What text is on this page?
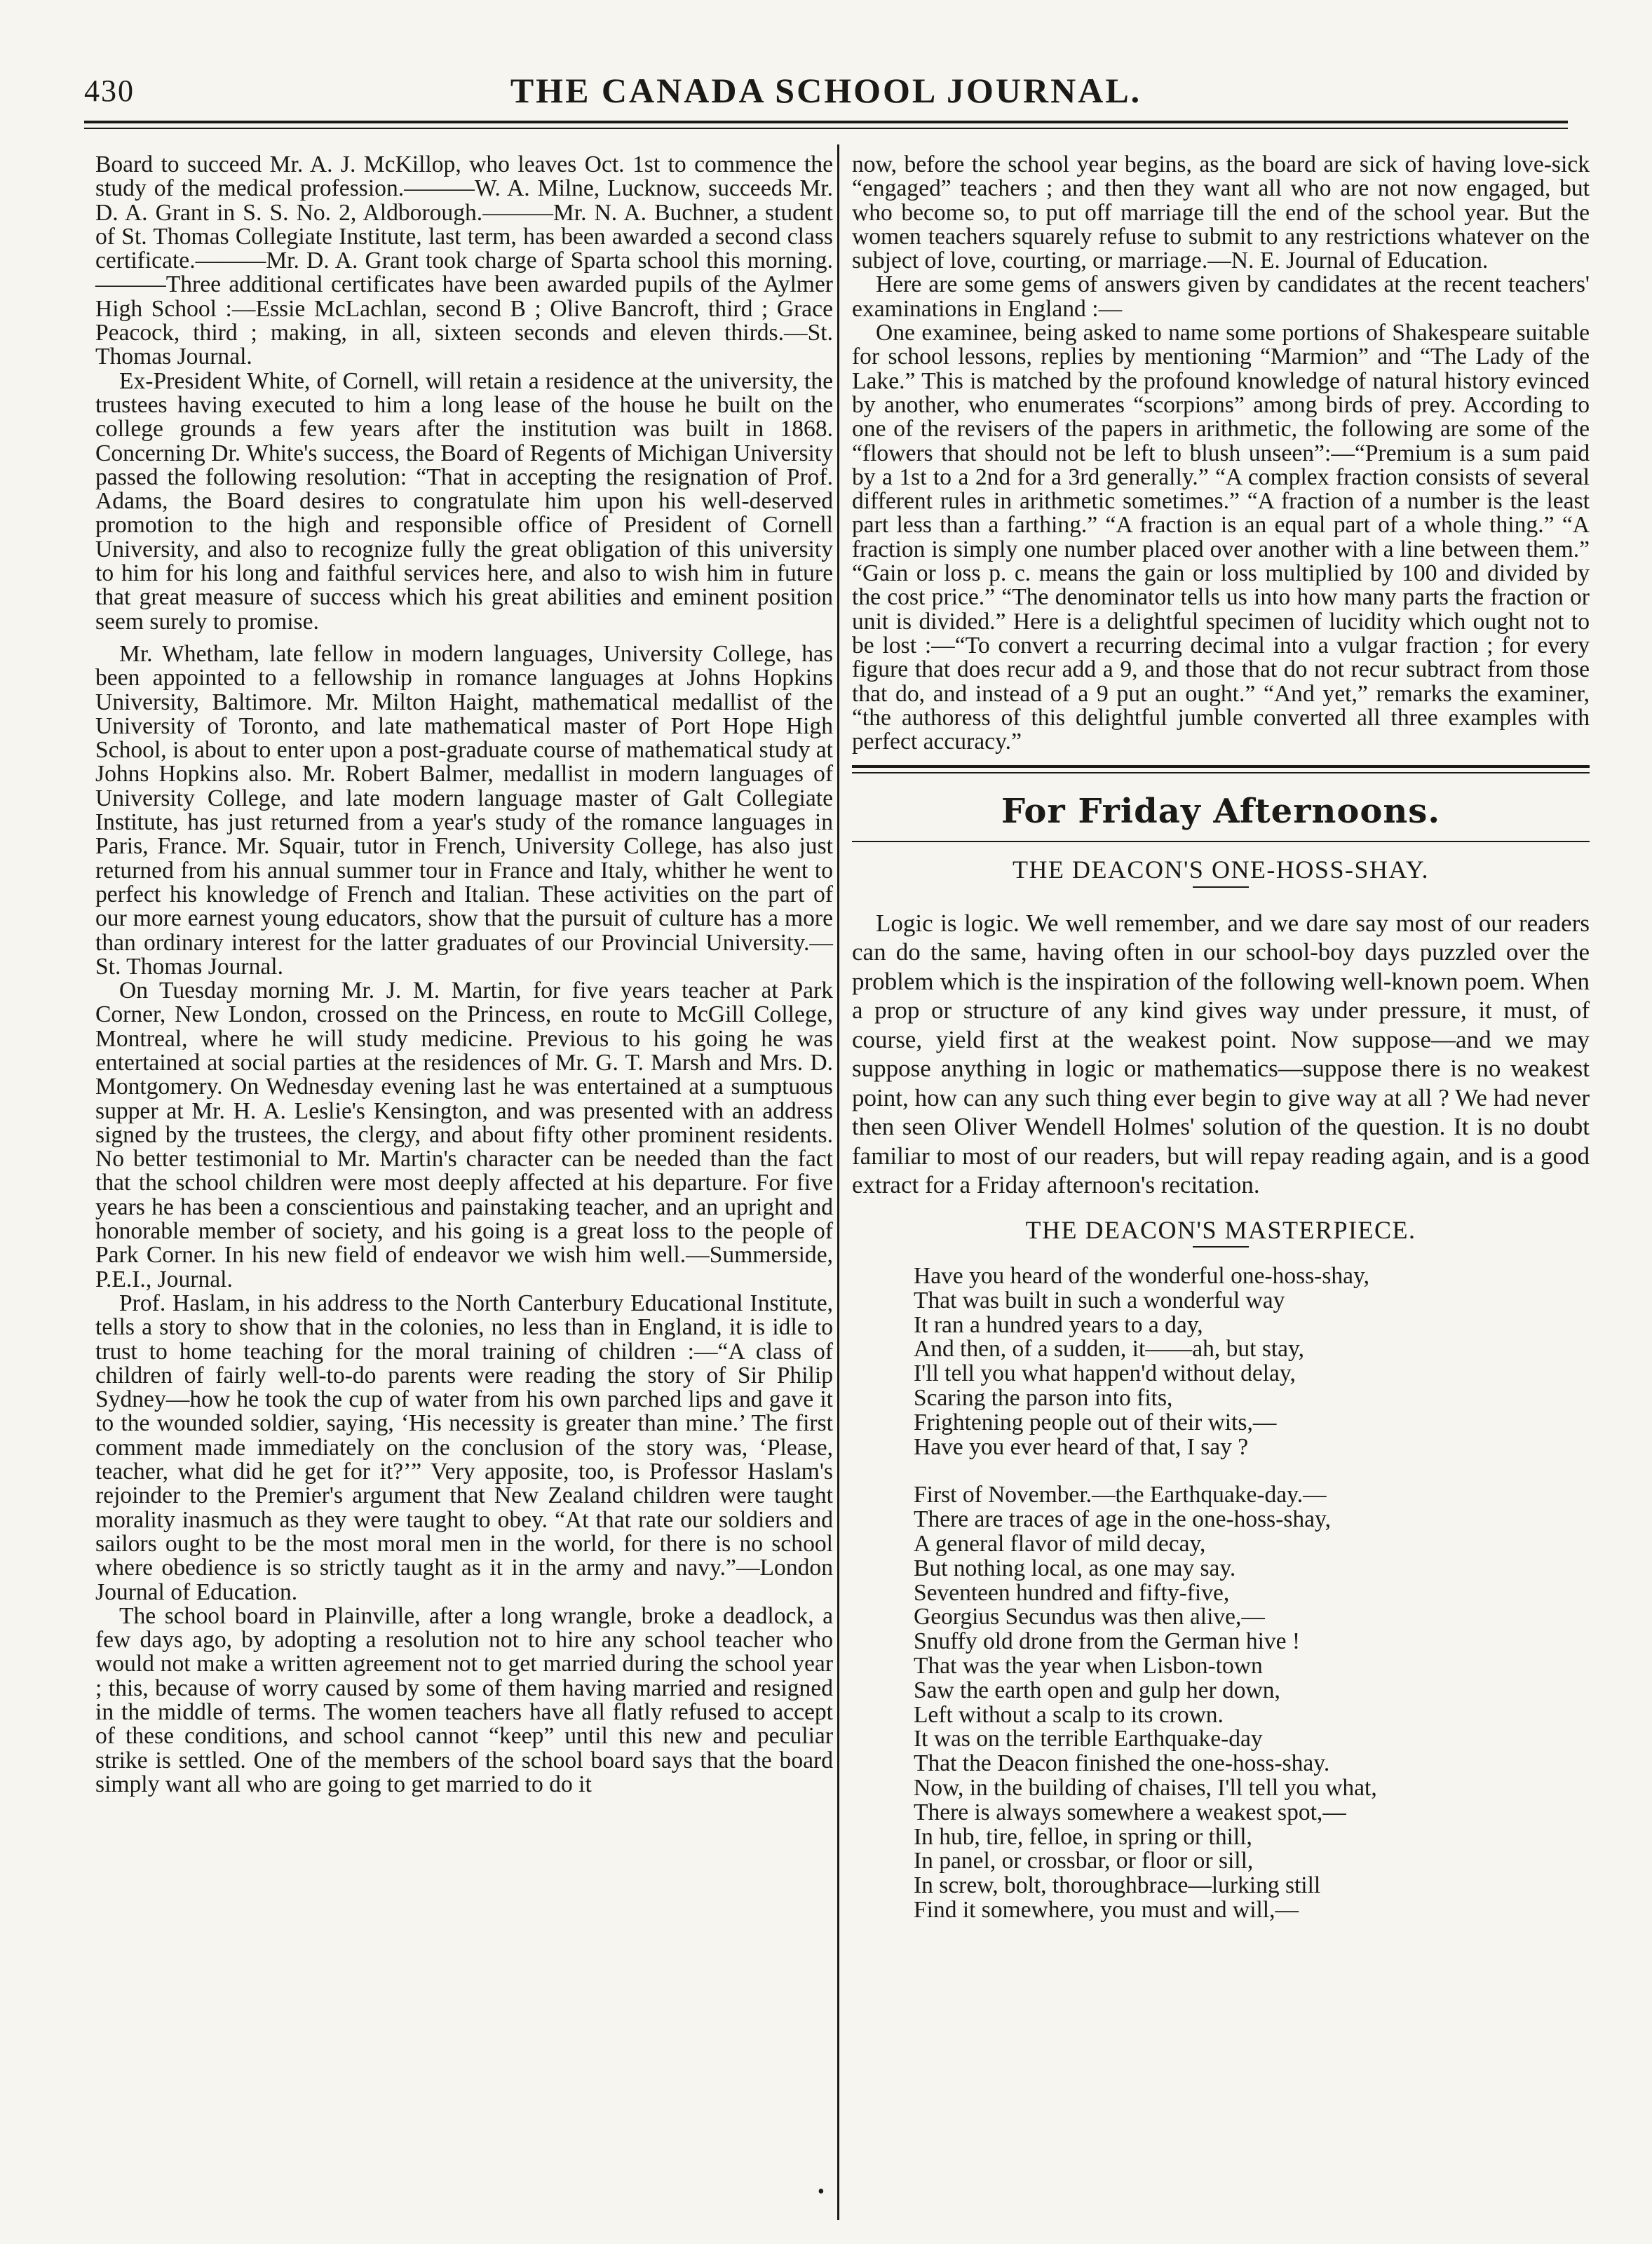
430	THE CANADA SCHOOL JOURNAL.

Board to succeed Mr. A. J. McKillop, who leaves Oct. 1st to commence the study of the medical profession.———W. A. Milne, Lucknow, succeeds Mr. D. A. Grant in S. S. No. 2, Aldborough.———Mr. N. A. Buchner, a student of St. Thomas Collegiate Institute, last term, has been awarded a second class certificate.———Mr. D. A. Grant took charge of Sparta school this morning.———Three additional certificates have been awarded pupils of the Aylmer High School :—Essie McLachlan, second B ; Olive Bancroft, third ; Grace Peacock, third ; making, in all, sixteen seconds and eleven thirds.—St. Thomas Journal.

Ex-President White, of Cornell, will retain a residence at the university, the trustees having executed to him a long lease of the house he built on the college grounds a few years after the institution was built in 1868. Concerning Dr. White's success, the Board of Regents of Michigan University passed the following resolution: “That in accepting the resignation of Prof. Adams, the Board desires to congratulate him upon his well-deserved promotion to the high and responsible office of President of Cornell University, and also to recognize fully the great obligation of this university to him for his long and faithful services here, and also to wish him in future that great measure of success which his great abilities and eminent position seem surely to promise.

Mr. Whetham, late fellow in modern languages, University College, has been appointed to a fellowship in romance languages at Johns Hopkins University, Baltimore. Mr. Milton Haight, mathematical medallist of the University of Toronto, and late mathematical master of Port Hope High School, is about to enter upon a post-graduate course of mathematical study at Johns Hopkins also. Mr. Robert Balmer, medallist in modern languages of University College, and late modern language master of Galt Collegiate Institute, has just returned from a year's study of the romance languages in Paris, France. Mr. Squair, tutor in French, University College, has also just returned from his annual summer tour in France and Italy, whither he went to perfect his knowledge of French and Italian. These activities on the part of our more earnest young educators, show that the pursuit of culture has a more than ordinary interest for the latter graduates of our Provincial University.—St. Thomas Journal.

On Tuesday morning Mr. J. M. Martin, for five years teacher at Park Corner, New London, crossed on the Princess, en route to McGill College, Montreal, where he will study medicine. Previous to his going he was entertained at social parties at the residences of Mr. G. T. Marsh and Mrs. D. Montgomery. On Wednesday evening last he was entertained at a sumptuous supper at Mr. H. A. Leslie's Kensington, and was presented with an address signed by the trustees, the clergy, and about fifty other prominent residents. No better testimonial to Mr. Martin's character can be needed than the fact that the school children were most deeply affected at his departure. For five years he has been a conscientious and painstaking teacher, and an upright and honorable member of society, and his going is a great loss to the people of Park Corner. In his new field of endeavor we wish him well.—Summerside, P.E.I., Journal.

Prof. Haslam, in his address to the North Canterbury Educational Institute, tells a story to show that in the colonies, no less than in England, it is idle to trust to home teaching for the moral training of children :—“A class of children of fairly well-to-do parents were reading the story of Sir Philip Sydney—how he took the cup of water from his own parched lips and gave it to the wounded soldier, saying, ‘His necessity is greater than mine.’ The first comment made immediately on the conclusion of the story was, ‘Please, teacher, what did he get for it?’” Very apposite, too, is Professor Haslam's rejoinder to the Premier's argument that New Zealand children were taught morality inasmuch as they were taught to obey. “At that rate our soldiers and sailors ought to be the most moral men in the world, for there is no school where obedience is so strictly taught as it in the army and navy.”—London Journal of Education.

The school board in Plainville, after a long wrangle, broke a deadlock, a few days ago, by adopting a resolution not to hire any school teacher who would not make a written agreement not to get married during the school year ; this, because of worry caused by some of them having married and resigned in the middle of terms. The women teachers have all flatly refused to accept of these conditions, and school cannot “keep” until this new and peculiar strike is settled. One of the members of the school board says that the board simply want all who are going to get married to do it

now, before the school year begins, as the board are sick of having love-sick “engaged” teachers ; and then they want all who are not now engaged, but who become so, to put off marriage till the end of the school year. But the women teachers squarely refuse to submit to any restrictions whatever on the subject of love, courting, or marriage.—N. E. Journal of Education.

Here are some gems of answers given by candidates at the recent teachers' examinations in England :—

One examinee, being asked to name some portions of Shakespeare suitable for school lessons, replies by mentioning “Marmion” and “The Lady of the Lake.” This is matched by the profound knowledge of natural history evinced by another, who enumerates “scorpions” among birds of prey. According to one of the revisers of the papers in arithmetic, the following are some of the “flowers that should not be left to blush unseen”:—“Premium is a sum paid by a 1st to a 2nd for a 3rd generally.” “A complex fraction consists of several different rules in arithmetic sometimes.” “A fraction of a number is the least part less than a farthing.” “A fraction is an equal part of a whole thing.” “A fraction is simply one number placed over another with a line between them.” “Gain or loss p. c. means the gain or loss multiplied by 100 and divided by the cost price.” “The denominator tells us into how many parts the fraction or unit is divided.” Here is a delightful specimen of lucidity which ought not to be lost :—“To convert a recurring decimal into a vulgar fraction ; for every figure that does recur add a 9, and those that do not recur subtract from those that do, and instead of a 9 put an ought.” “And yet,” remarks the examiner, “the authoress of this delightful jumble converted all three examples with perfect accuracy.”

For Friday Afternoons.
THE DEACON'S ONE-HOSS-SHAY.

Logic is logic. We well remember, and we dare say most of our readers can do the same, having often in our school-boy days puzzled over the problem which is the inspiration of the following well-known poem. When a prop or structure of any kind gives way under pressure, it must, of course, yield first at the weakest point. Now suppose—and we may suppose anything in logic or mathematics—suppose there is no weakest point, how can any such thing ever begin to give way at all ? We had never then seen Oliver Wendell Holmes' solution of the question. It is no doubt familiar to most of our readers, but will repay reading again, and is a good extract for a Friday afternoon's recitation.

THE DEACON'S MASTERPIECE.
Have you heard of the wonderful one-hoss-shay,
That was built in such a wonderful way
It ran a hundred years to a day,
And then, of a sudden, it——ah, but stay,
I'll tell you what happen'd without delay,
Scaring the parson into fits,
Frightening people out of their wits,—
Have you ever heard of that, I say ?
First of November.—the Earthquake-day.—
There are traces of age in the one-hoss-shay,
A general flavor of mild decay,
But nothing local, as one may say.
Seventeen hundred and fifty-five,
Georgius Secundus was then alive,—
Snuffy old drone from the German hive !
That was the year when Lisbon-town
Saw the earth open and gulp her down,
Left without a scalp to its crown.
It was on the terrible Earthquake-day
That the Deacon finished the one-hoss-shay.
Now, in the building of chaises, I'll tell you what,
There is always somewhere a weakest spot,—
In hub, tire, felloe, in spring or thill,
In panel, or crossbar, or floor or sill,
In screw, bolt, thoroughbrace—lurking still
Find it somewhere, you must and will,—
•
